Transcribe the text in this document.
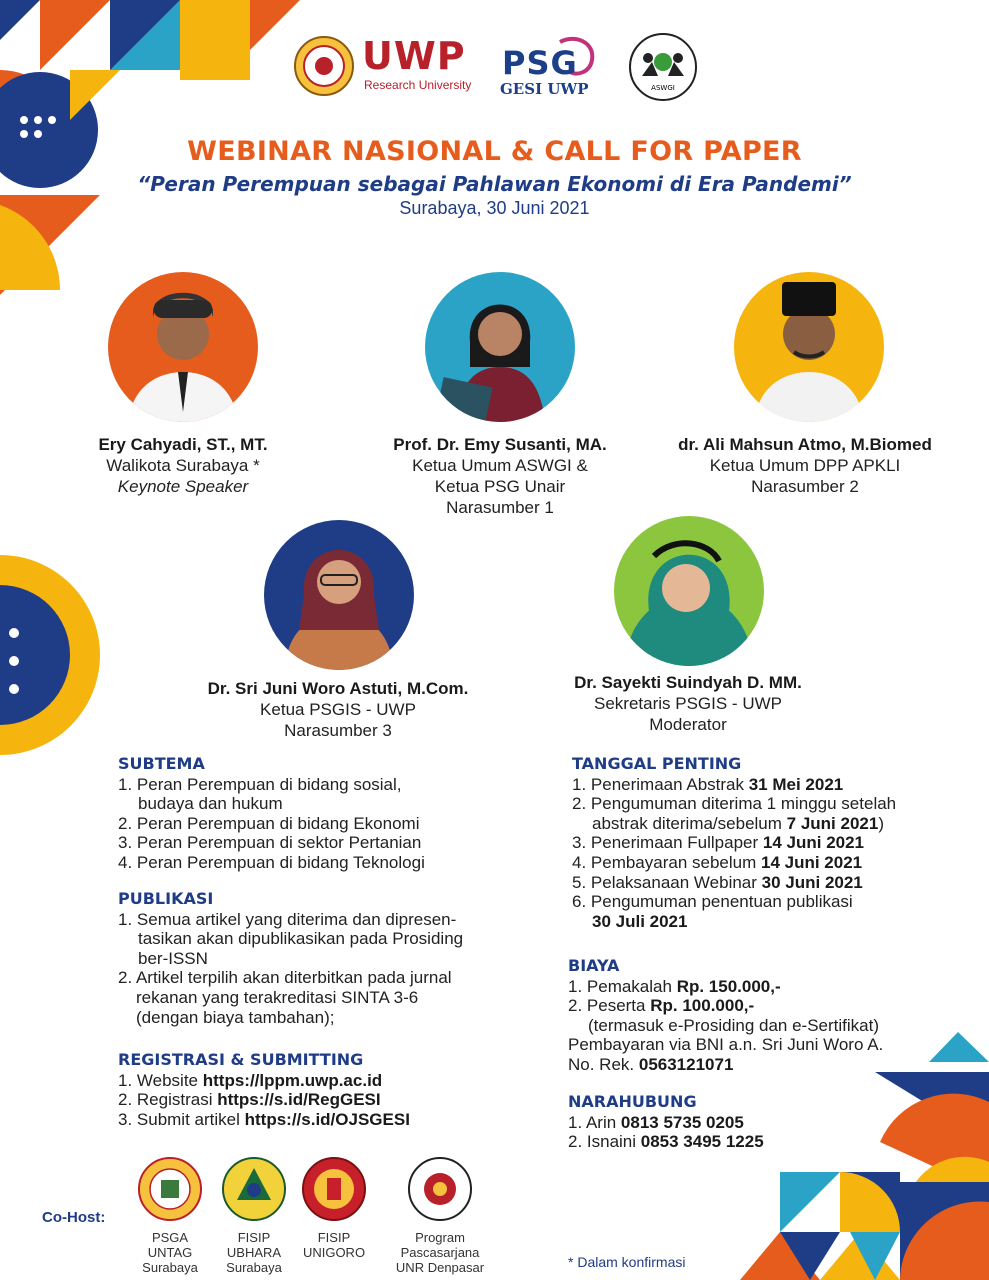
UWP
Research University
PSG
GESI UWP	ASWGI
WEBINAR NASIONAL & CALL FOR PAPER
“Peran Perempuan sebagai Pahlawan Ekonomi di Era Pandemi”
Surabaya, 30 Juni 2021
Ery Cahyadi, ST., MT.
Walikota Surabaya *
Keynote Speaker
Prof. Dr. Emy Susanti, MA.
Ketua Umum ASWGI &
Ketua PSG Unair
Narasumber 1
dr. Ali Mahsun Atmo, M.Biomed
Ketua Umum DPP APKLI
Narasumber 2
Dr. Sri Juni Woro Astuti, M.Com.
Ketua PSGIS - UWP
Narasumber 3
Dr. Sayekti Suindyah D. MM.
Sekretaris PSGIS - UWP
Moderator
SUBTEMA
1. Peran Perempuan di bidang sosial,
budaya dan hukum
2. Peran Perempuan di bidang Ekonomi
3. Peran Perempuan di sektor Pertanian
4. Peran Perempuan di bidang Teknologi
PUBLIKASI
1. Semua artikel yang diterima dan dipresen-
tasikan akan dipublikasikan pada Prosiding
ber-ISSN
2. Artikel terpilih akan diterbitkan pada jurnal
rekanan yang terakreditasi SINTA 3-6
(dengan biaya tambahan);
REGISTRASI & SUBMITTING
1. Website https://lppm.uwp.ac.id
2. Registrasi https://s.id/RegGESI
3. Submit artikel https://s.id/OJSGESI
TANGGAL PENTING
1. Penerimaan Abstrak 31 Mei 2021
2. Pengumuman diterima 1 minggu setelah
abstrak diterima/sebelum 7 Juni 2021)
3. Penerimaan Fullpaper 14 Juni 2021
4. Pembayaran sebelum 14 Juni 2021
5. Pelaksanaan Webinar 30 Juni 2021
6. Pengumuman penentuan publikasi
30 Juli 2021
BIAYA
1. Pemakalah Rp. 150.000,-
2. Peserta Rp. 100.000,-
(termasuk e-Prosiding dan e-Sertifikat)
Pembayaran via BNI a.n. Sri Juni Woro A.
No. Rek. 0563121071
NARAHUBUNG
1. Arin 0813 5735 0205
2. Isnaini 0853 3495 1225
Co-Host:
PSGA
UNTAG
Surabaya
FISIP
UBHARA
Surabaya
FISIP
UNIGORO
Program
Pascasarjana
UNR Denpasar	* Dalam konfirmasi
